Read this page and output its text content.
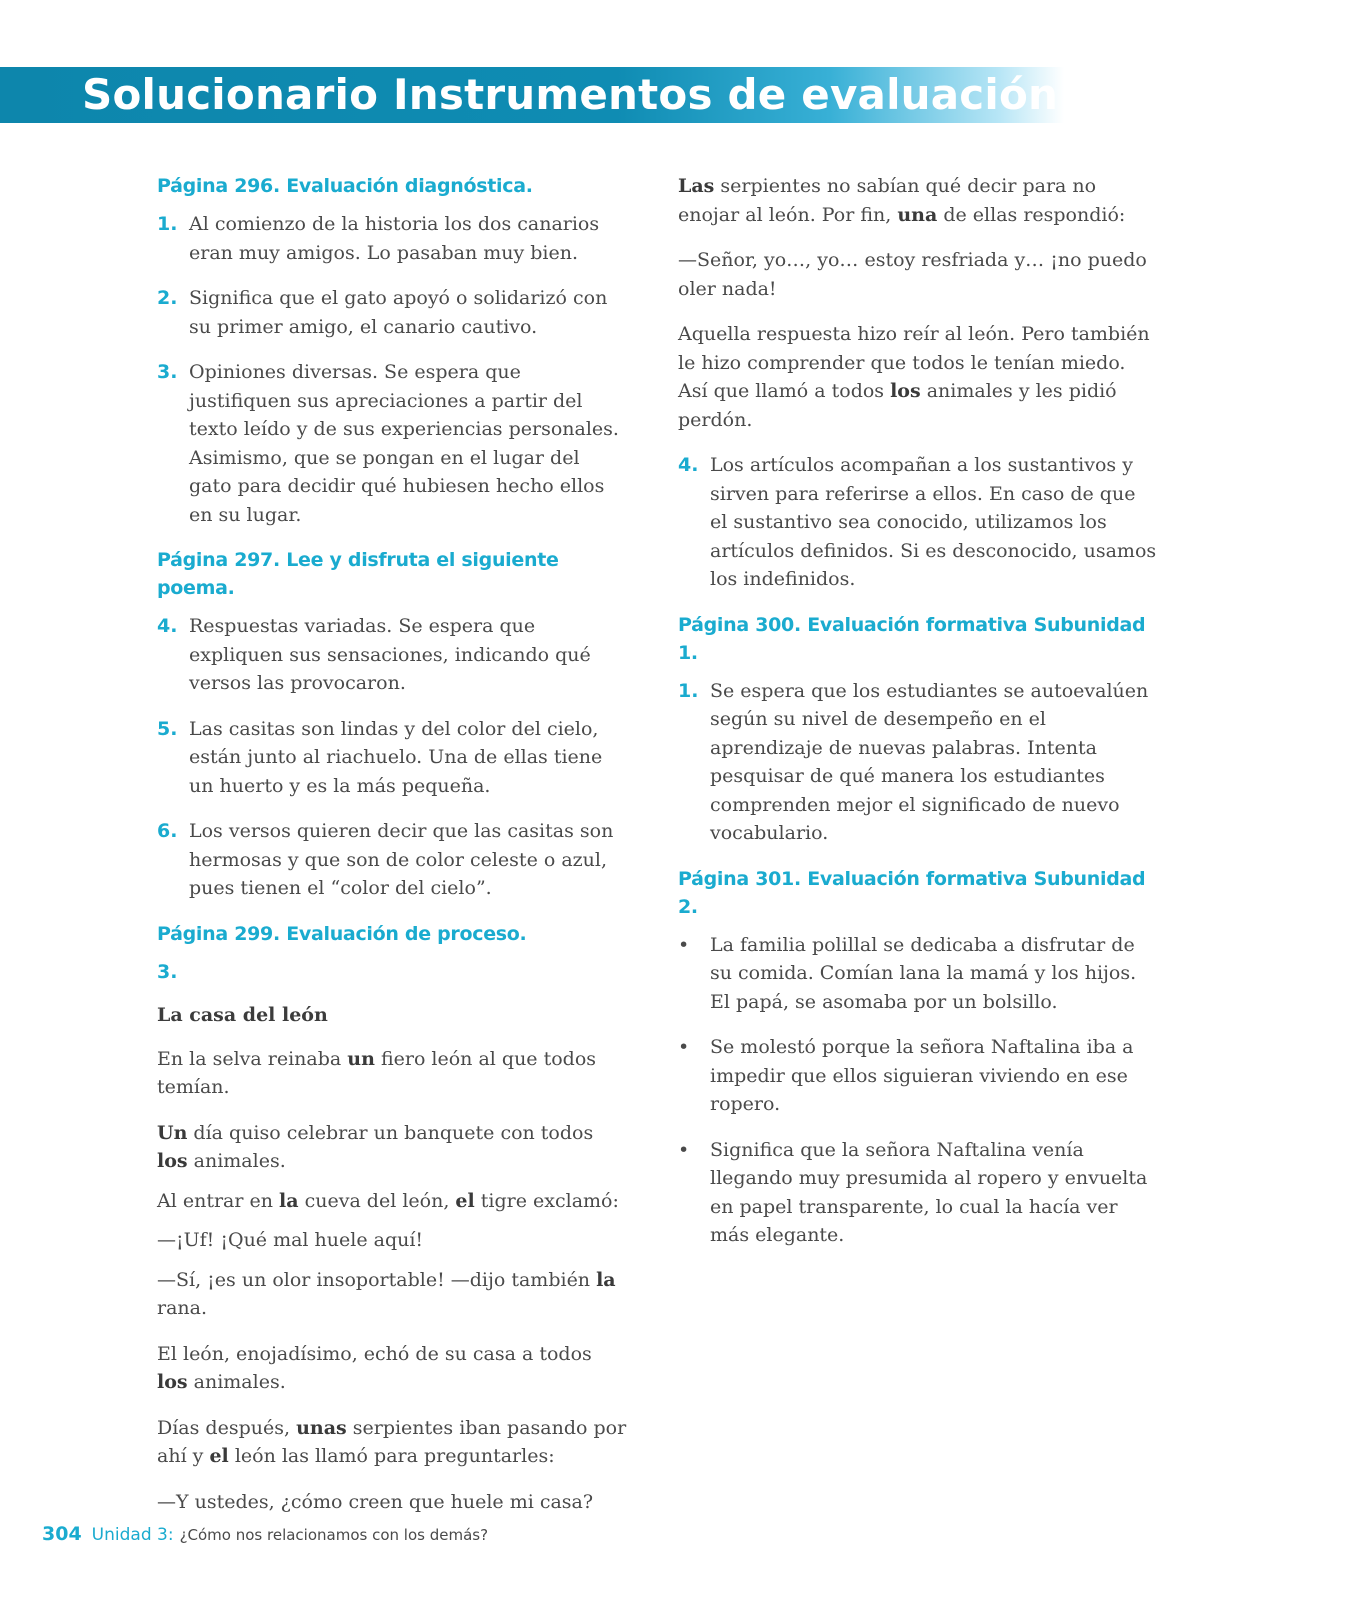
Solucionario Instrumentos de evaluación
Página 296. Evaluación diagnóstica.
1. Al comienzo de la historia los dos canarios eran muy amigos. Lo pasaban muy bien.
2. Significa que el gato apoyó o solidarizó con su primer amigo, el canario cautivo.
3. Opiniones diversas. Se espera que justifiquen sus apreciaciones a partir del texto leído y de sus experiencias personales. Asimismo, que se pongan en el lugar del gato para decidir qué hubiesen hecho ellos en su lugar.
Página 297. Lee y disfruta el siguiente poema.
4. Respuestas variadas. Se espera que expliquen sus sensaciones, indicando qué versos las provocaron.
5. Las casitas son lindas y del color del cielo, están junto al riachuelo. Una de ellas tiene un huerto y es la más pequeña.
6. Los versos quieren decir que las casitas son hermosas y que son de color celeste o azul, pues tienen el “color del cielo”.
Página 299. Evaluación de proceso.
3.
La casa del león

En la selva reinaba un fiero león al que todos temían.

Un día quiso celebrar un banquete con todos los animales.

Al entrar en la cueva del león, el tigre exclamó:

—¡Uf! ¡Qué mal huele aquí!

—Sí, ¡es un olor insoportable! —dijo también la rana.

El león, enojadísimo, echó de su casa a todos los animales.

Días después, unas serpientes iban pasando por ahí y el león las llamó para preguntarles:

—Y ustedes, ¿cómo creen que huele mi casa?

Las serpientes no sabían qué decir para no enojar al león. Por fin, una de ellas respondió:

—Señor, yo…, yo… estoy resfriada y… ¡no puedo oler nada!

Aquella respuesta hizo reír al león. Pero también le hizo comprender que todos le tenían miedo. Así que llamó a todos los animales y les pidió perdón.

4. Los artículos acompañan a los sustantivos y sirven para referirse a ellos. En caso de que el sustantivo sea conocido, utilizamos los artículos definidos. Si es desconocido, usamos los indefinidos.
Página 300. Evaluación formativa Subunidad 1.
1. Se espera que los estudiantes se autoevalúen según su nivel de desempeño en el aprendizaje de nuevas palabras. Intenta pesquisar de qué manera los estudiantes comprenden mejor el significado de nuevo vocabulario.
Página 301. Evaluación formativa Subunidad 2.
•	La familia polillal se dedicaba a disfrutar de su comida. Comían lana la mamá y los hijos. El papá, se asomaba por un bolsillo.
•	Se molestó porque la señora Naftalina iba a impedir que ellos siguieran viviendo en ese ropero.
•	Significa que la señora Naftalina venía llegando muy presumida al ropero y envuelta en papel transparente, lo cual la hacía ver más elegante.
304 Unidad 3: ¿Cómo nos relacionamos con los demás?
